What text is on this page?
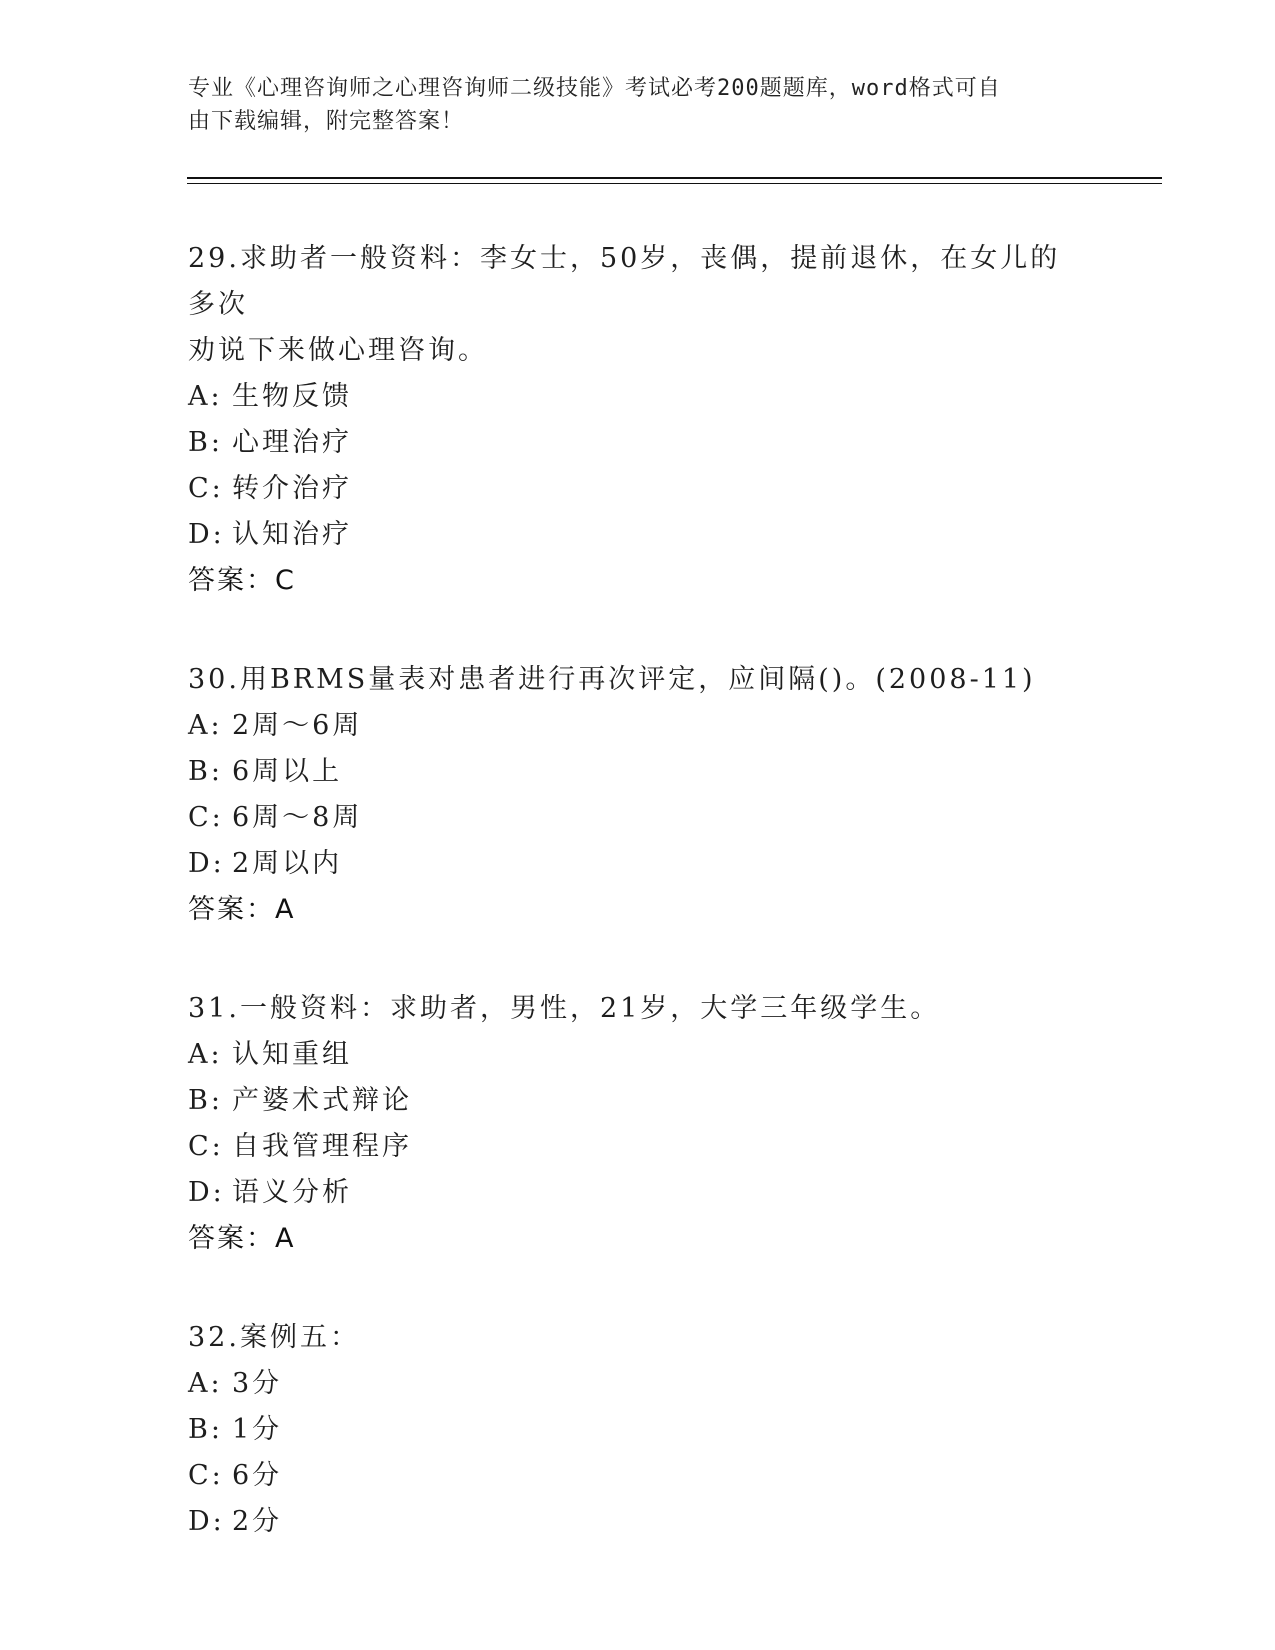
专业《心理咨询师之心理咨询师二级技能》考试必考200题题库，word格式可自
由下载编辑，附完整答案！
29.求助者一般资料：李女士，50岁，丧偶，提前退休，在女儿的多次
劝说下来做心理咨询。
A: 生物反馈
B: 心理治疗
C: 转介治疗
D: 认知治疗
答案：C
30.用BRMS量表对患者进行再次评定，应间隔()。(2008-11)
A: 2周～6周
B: 6周以上
C: 6周～8周
D: 2周以内
答案：A
31.一般资料：求助者，男性，21岁，大学三年级学生。
A: 认知重组
B: 产婆术式辩论
C: 自我管理程序
D: 语义分析
答案：A
32.案例五：
A: 3分
B: 1分
C: 6分
D: 2分
